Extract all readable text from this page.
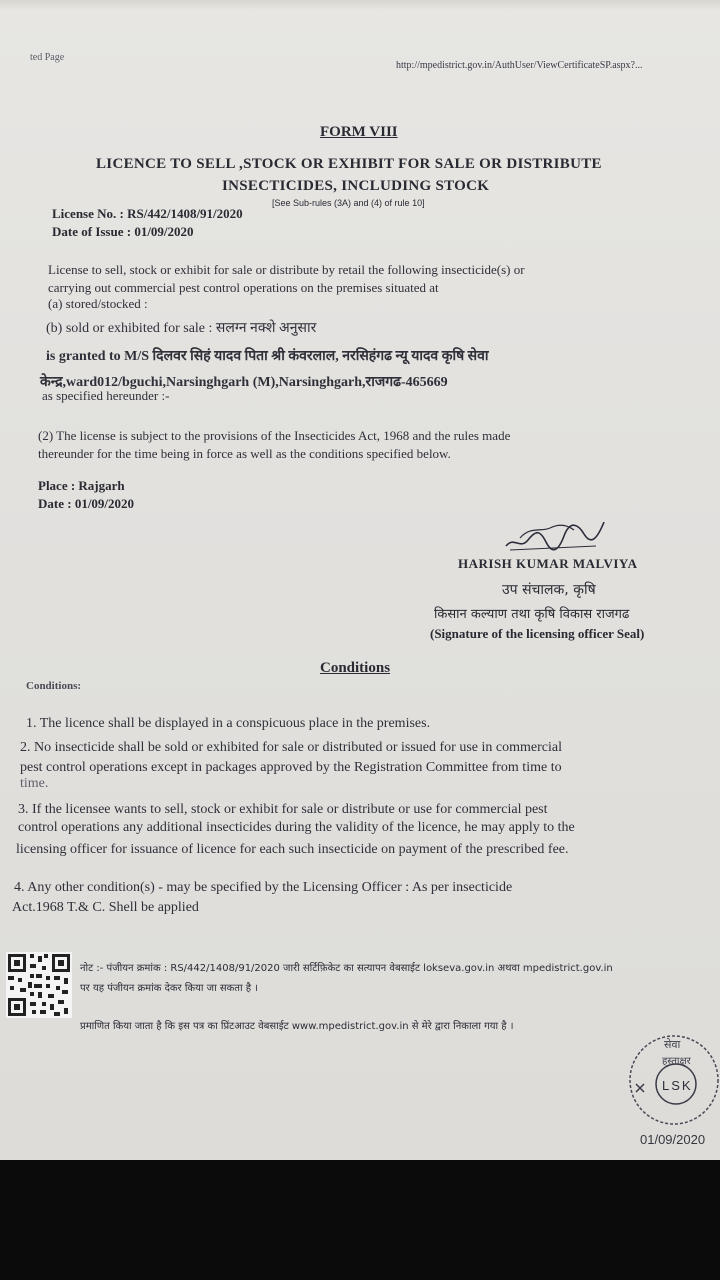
ted Page
http://mpedistrict.gov.in/AuthUser/ViewCertificateSP.aspx?...
FORM VIII
LICENCE TO SELL ,STOCK OR EXHIBIT FOR SALE OR DISTRIBUTE
INSECTICIDES, INCLUDING STOCK
[See Sub-rules (3A) and (4) of rule 10]
License No. : RS/442/1408/91/2020
Date of Issue : 01/09/2020
License to sell, stock or exhibit for sale or distribute by retail the following insecticide(s) or
carrying out commercial pest control operations on the premises situated at
(a) stored/stocked :
(b) sold or exhibited for sale : सलग्न नक्शे अनुसार
is granted to M/S दिलवर सिहं यादव पिता श्री कंवरलाल, नरसिहंगढ न्यू यादव कृषि सेवा
केन्द्र,ward012/bguchi,Narsinghgarh (M),Narsinghgarh,राजगढ-465669
as specified hereunder :-
(2) The license is subject to the provisions of the Insecticides Act, 1968 and the rules made
thereunder for the time being in force as well as the conditions specified below.
Place : Rajgarh
Date : 01/09/2020
HARISH KUMAR MALVIYA
उप संचालक, कृषि
किसान कल्याण तथा कृषि विकास राजगढ
(Signature of the licensing officer Seal)
Conditions
Conditions:
1. The licence shall be displayed in a conspicuous place in the premises.
2. No insecticide shall be sold or exhibited for sale or distributed or issued for use in commercial
pest control operations except in packages approved by the Registration Committee from time to
time.
3. If the licensee wants to sell, stock or exhibit for sale or distribute or use for commercial pest
control operations any additional insecticides during the validity of the licence, he may apply to the
licensing officer for issuance of licence for each such insecticide on payment of the prescribed fee.
4. Any other condition(s) - may be specified by the Licensing Officer : As per insecticide
Act.1968 T.& C. Shell be applied
नोट :- पंजीयन क्रमांक : RS/442/1408/91/2020 जारी सर्टिफ़िकेट का सत्यापन वेबसाईट lokseva.gov.in अथवा mpedistrict.gov.in
पर यह पंजीयन क्रमांक देकर किया जा सकता है ।
प्रमाणित किया जाता है कि इस पत्र का प्रिंटआउट वेबसाईट www.mpedistrict.gov.in से मेरे द्वारा निकाला गया है ।
सेवा
हस्ताक्षर
LSK
01/09/2020
